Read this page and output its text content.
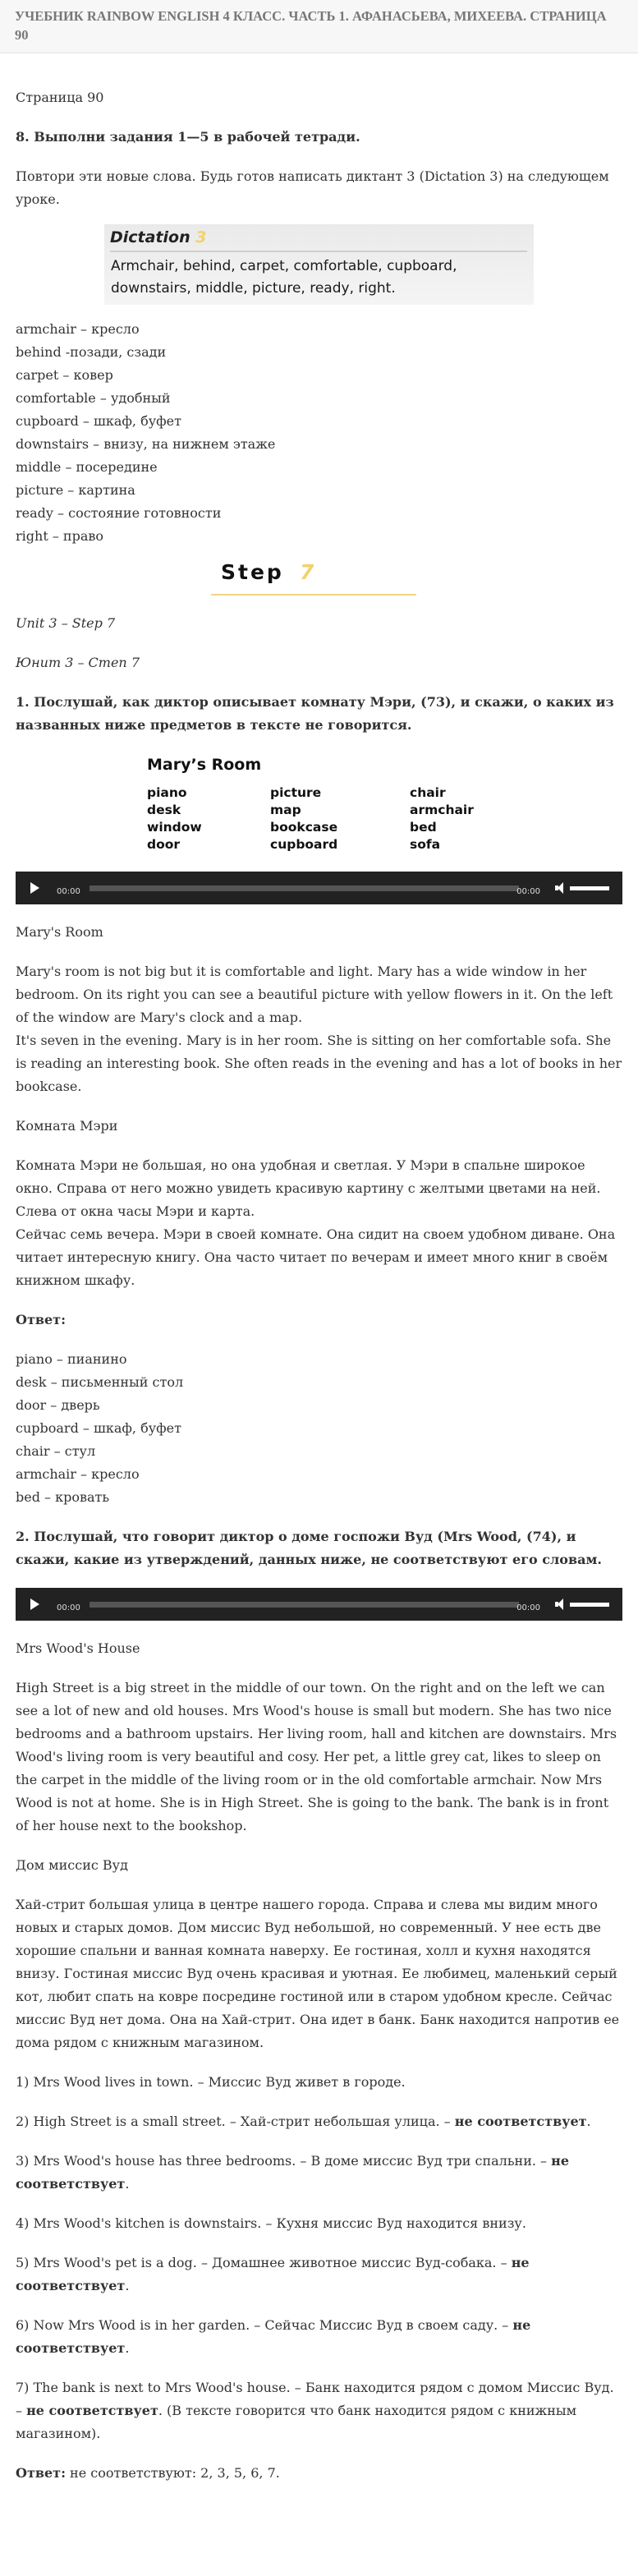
УЧЕБНИК RAINBOW ENGLISH 4 КЛАСС. ЧАСТЬ 1. АФАНАСЬЕВА, МИХЕЕВА. СТРАНИЦА 90

Страница 90

8. Выполни задания 1—5 в рабочей тетради.

Повтори эти новые слова. Будь готов написать диктант 3 (Dictation 3) на следующем уроке.

Dictation 3
Armchair, behind, carpet, comfortable, cupboard,
downstairs, middle, picture, ready, right.

armchair – кресло

behind -позади, сзади

carpet – ковер

comfortable – удобный

cupboard – шкаф, буфет

downstairs – внизу, на нижнем этаже

middle – посередине

picture – картина

ready – состояние готовности

right – право

Step 7

Unit 3 – Step 7

Юнит 3 – Степ 7

1. Послушай, как диктор описывает комнату Мэри, (73), и скажи, о каких из названных ниже предметов в тексте не говорится.

Mary’s Room
piano	picture	chair
desk	map	armchair
window	bookcase	bed
door	cupboard	sofa
00:00	00:00

Mary's Room

Mary's room is not big but it is comfortable and light. Mary has a wide window in her bedroom. On its right you can see a beautiful picture with yellow flowers in it. On the left of the window are Mary's clock and a map.

It's seven in the evening. Mary is in her room. She is sitting on her comfortable sofa. She is reading an interesting book. She often reads in the evening and has a lot of books in her bookcase.

Комната Мэри

Комната Мэри не большая, но она удобная и светлая. У Мэри в спальне широкое окно. Справа от него можно увидеть красивую картину с желтыми цветами на ней. Слева от окна часы Мэри и карта.

Сейчас семь вечера. Мэри в своей комнате. Она сидит на своем удобном диване. Она читает интересную книгу. Она часто читает по вечерам и имеет много книг в своём книжном шкафу.

Ответ:

piano – пианино

desk – письменный стол

door – дверь

cupboard – шкаф, буфет

chair – стул

armchair – кресло

bed – кровать

2. Послушай, что говорит диктор о доме госпожи Вуд (Mrs Wood, (74), и скажи, какие из утверждений, данных ниже, не соответствуют его словам.

00:00	00:00

Mrs Wood's House

High Street is a big street in the middle of our town. On the right and on the left we can see a lot of new and old houses. Mrs Wood's house is small but modern. She has two nice bedrooms and a bathroom upstairs. Her living room, hall and kitchen are downstairs. Mrs Wood's living room is very beautiful and cosy. Her pet, a little grey cat, likes to sleep on the carpet in the middle of the living room or in the old comfortable armchair. Now Mrs Wood is not at home. She is in High Street. She is going to the bank. The bank is in front of her house next to the bookshop.

Дом миссис Вуд

Хай-стрит большая улица в центре нашего города. Справа и слева мы видим много новых и старых домов. Дом миссис Вуд небольшой, но современный. У нее есть две хорошие спальни и ванная комната наверху. Ее гостиная, холл и кухня находятся внизу. Гостиная миссис Вуд очень красивая и уютная. Ее любимец, маленький серый кот, любит спать на ковре посредине гостиной или в старом удобном кресле. Сейчас миссис Вуд нет дома. Она на Хай-стрит. Она идет в банк. Банк находится напротив ее дома рядом с книжным магазином.

1) Mrs Wood lives in town. – Миссис Вуд живет в городе.

2) High Street is a small street. – Хай-стрит небольшая улица. – не соответствует.

3) Mrs Wood's house has three bedrooms. – В доме миссис Вуд три спальни. – не соответствует.

4) Mrs Wood's kitchen is downstairs. – Кухня миссис Вуд находится внизу.

5) Mrs Wood's pet is a dog. – Домашнее животное миссис Вуд-собака. – не соответствует.

6) Now Mrs Wood is in her garden. – Сейчас Миссис Вуд в своем саду. – не соответствует.

7) The bank is next to Mrs Wood's house. – Банк находится рядом с домом Миссис Вуд. – не соответствует. (В тексте говорится что банк находится рядом с книжным магазином).

Ответ: не соответствуют: 2, 3, 5, 6, 7.
